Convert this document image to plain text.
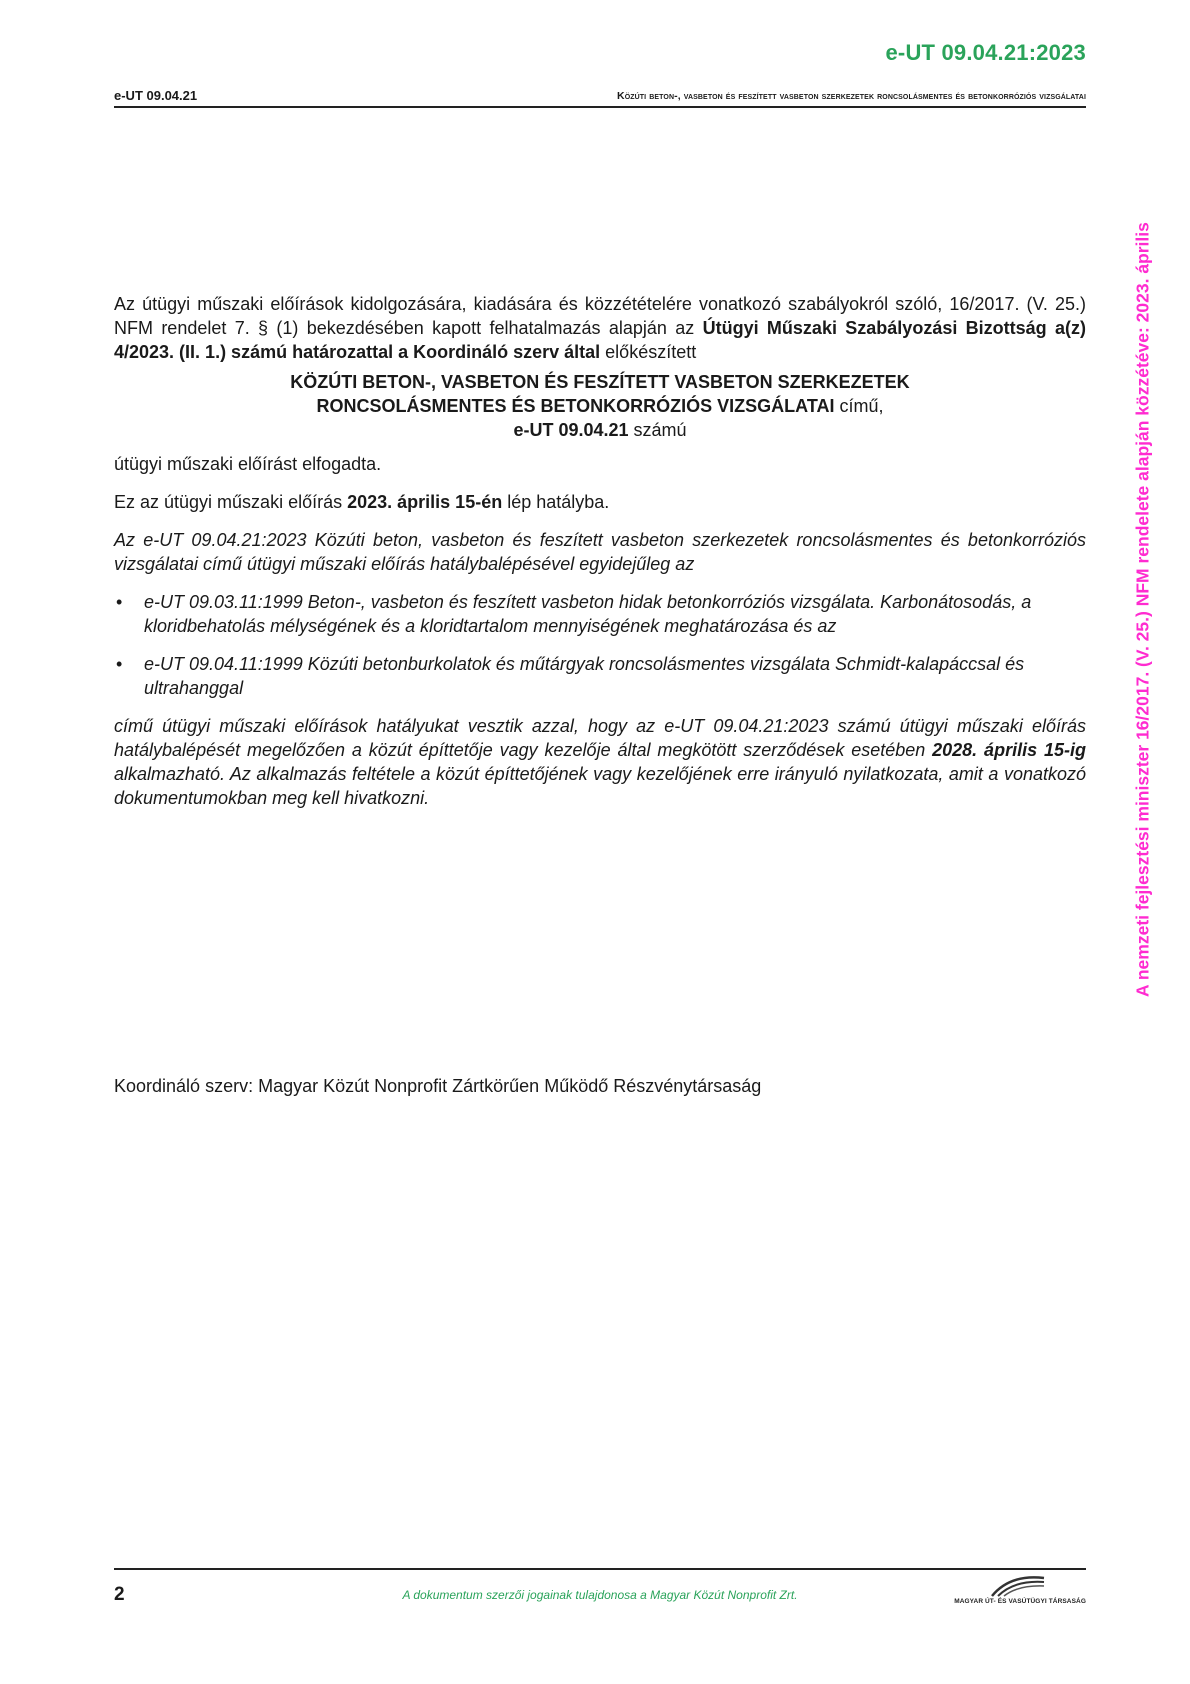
e-UT 09.04.21:2023
e-UT 09.04.21	Közúti beton-, vasbeton és feszített vasbeton szerkezetek roncsolásmentes és betonkorróziós vizsgálatai
A nemzeti fejlesztési miniszter 16/2017. (V. 25.) NFM rendelete alapján közzétéve: 2023. április

Az útügyi műszaki előírások kidolgozására, kiadására és közzétételére vonatkozó szabályokról szóló, 16/2017. (V. 25.) NFM rendelet 7. § (1) bekezdésében kapott felhatalmazás alapján az Útügyi Műszaki Szabályozási Bizottság a(z) 4/2023. (II. 1.) számú határozattal a Koordináló szerv által előkészített

KÖZÚTI BETON-, VASBETON ÉS FESZÍTETT VASBETON SZERKEZETEK
RONCSOLÁSMENTES ÉS BETONKORRÓZIÓS VIZSGÁLATAI című,
e-UT 09.04.21 számú

útügyi műszaki előírást elfogadta.

Ez az útügyi műszaki előírás 2023. április 15-én lép hatályba.

Az e-UT 09.04.21:2023 Közúti beton, vasbeton és feszített vasbeton szerkezetek roncsolásmentes és betonkorróziós vizsgálatai című útügyi műszaki előírás hatálybalépésével egyidejűleg az

• e-UT 09.03.11:1999 Beton-, vasbeton és feszített vasbeton hidak betonkorróziós vizsgálata. Karbonátosodás, a kloridbehatolás mélységének és a kloridtartalom mennyiségének meghatározása és az
• e-UT 09.04.11:1999 Közúti betonburkolatok és műtárgyak roncsolásmentes vizsgálata Schmidt-kalapáccsal és ultrahanggal

című útügyi műszaki előírások hatályukat vesztik azzal, hogy az e-UT 09.04.21:2023 számú útügyi műszaki előírás hatálybalépését megelőzően a közút építtetője vagy kezelője által megkötött szerződések esetében 2028. április 15-ig alkalmazható. Az alkalmazás feltétele a közút építtetőjének vagy kezelőjének erre irányuló nyilatkozata, amit a vonatkozó dokumentumokban meg kell hivatkozni.

Koordináló szerv: Magyar Közút Nonprofit Zártkörűen Működő Részvénytársaság
2	A dokumentum szerzői jogainak tulajdonosa a Magyar Közút Nonprofit Zrt.	MAGYAR ÚT- ÉS VASÚTÜGYI TÁRSASÁG
